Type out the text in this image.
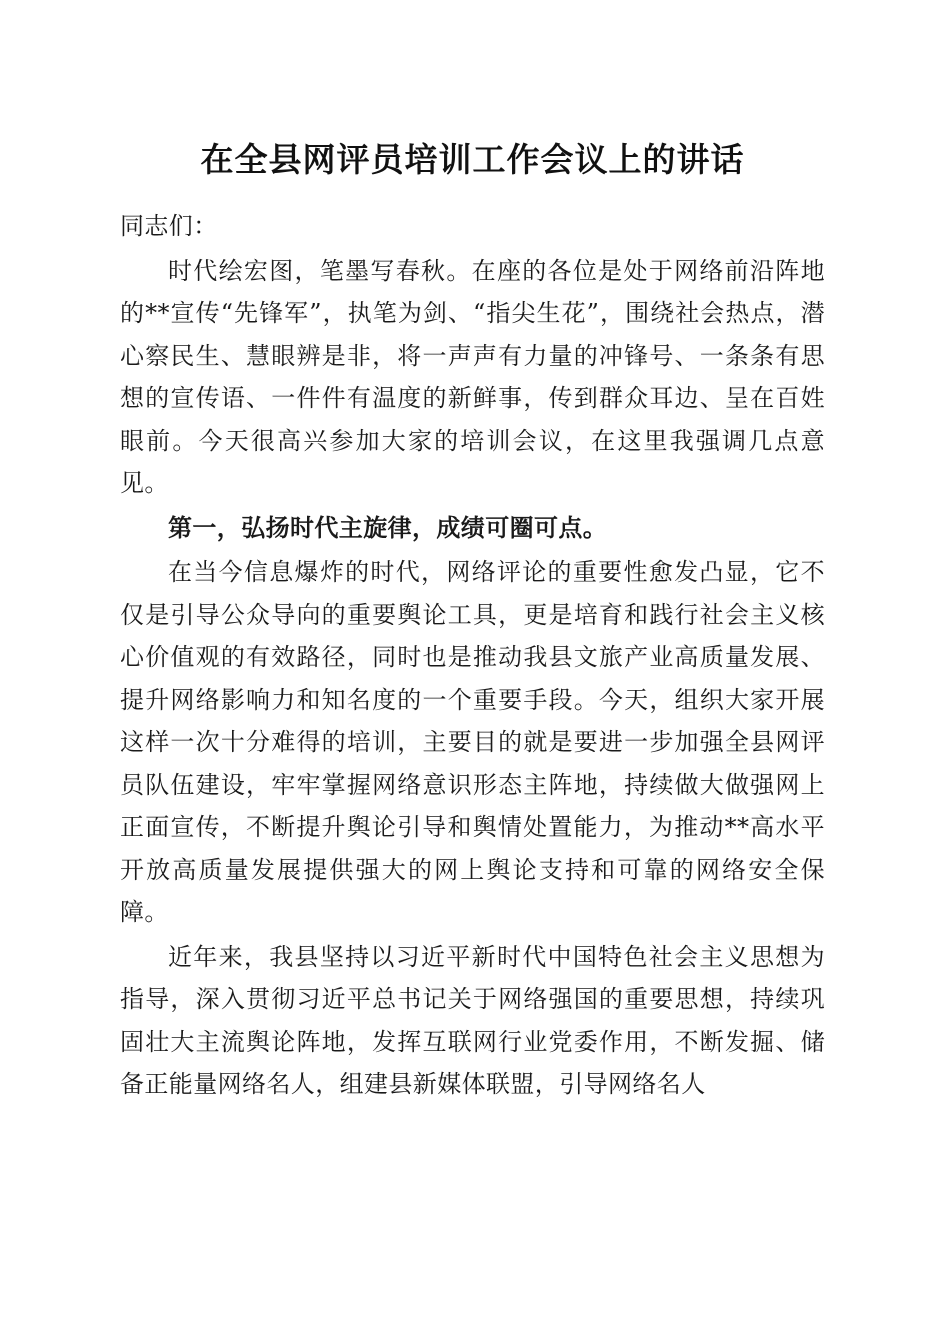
在全县网评员培训工作会议上的讲话

同志们：

时代绘宏图，笔墨写春秋。在座的各位是处于网络前沿阵地的**宣传“先锋军”，执笔为剑、“指尖生花”，围绕社会热点，潜心察民生、慧眼辨是非，将一声声有力量的冲锋号、一条条有思想的宣传语、一件件有温度的新鲜事，传到群众耳边、呈在百姓眼前。今天很高兴参加大家的培训会议，在这里我强调几点意见。

第一，弘扬时代主旋律，成绩可圈可点。

在当今信息爆炸的时代，网络评论的重要性愈发凸显，它不仅是引导公众导向的重要舆论工具，更是培育和践行社会主义核心价值观的有效路径，同时也是推动我县文旅产业高质量发展、提升网络影响力和知名度的一个重要手段。今天，组织大家开展这样一次十分难得的培训，主要目的就是要进一步加强全县网评员队伍建设，牢牢掌握网络意识形态主阵地，持续做大做强网上正面宣传，不断提升舆论引导和舆情处置能力，为推动**高水平开放高质量发展提供强大的网上舆论支持和可靠的网络安全保障。

近年来，我县坚持以习近平新时代中国特色社会主义思想为指导，深入贯彻习近平总书记关于网络强国的重要思想，持续巩固壮大主流舆论阵地，发挥互联网行业党委作用，不断发掘、储备正能量网络名人，组建县新媒体联盟，引导网络名人
